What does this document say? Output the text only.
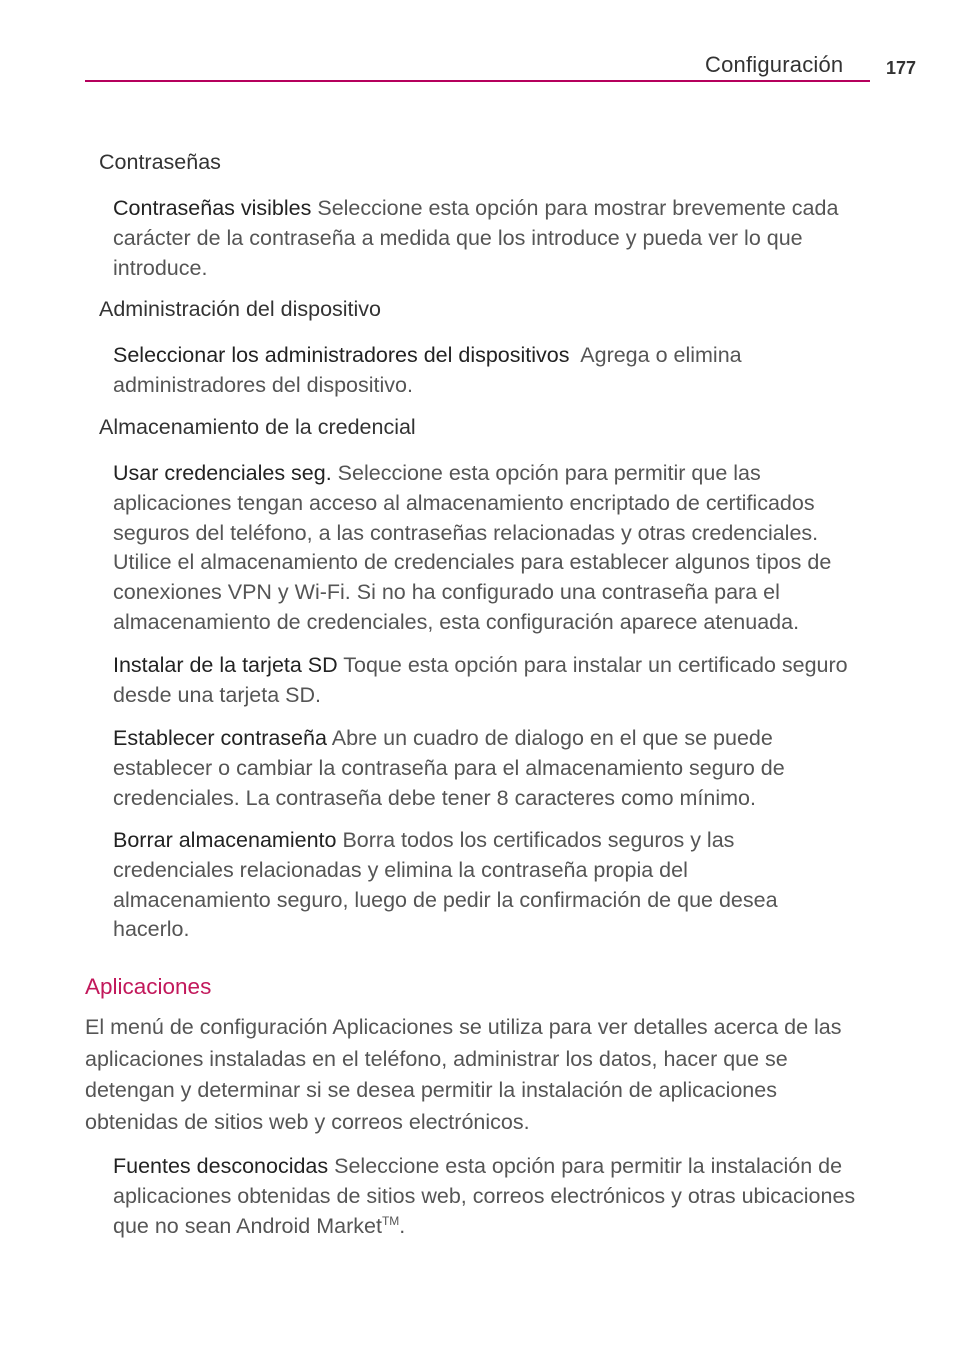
Configuración 177
Contraseñas
Contraseñas visibles Seleccione esta opción para mostrar brevemente cada carácter de la contraseña a medida que los introduce y pueda ver lo que introduce.
Administración del dispositivo
Seleccionar los administradores del dispositivos Agrega o elimina administradores del dispositivo.
Almacenamiento de la credencial
Usar credenciales seg. Seleccione esta opción para permitir que las aplicaciones tengan acceso al almacenamiento encriptado de certificados seguros del teléfono, a las contraseñas relacionadas y otras credenciales. Utilice el almacenamiento de credenciales para establecer algunos tipos de conexiones VPN y Wi-Fi. Si no ha configurado una contraseña para el almacenamiento de credenciales, esta configuración aparece atenuada.
Instalar de la tarjeta SD Toque esta opción para instalar un certificado seguro desde una tarjeta SD.
Establecer contraseña Abre un cuadro de dialogo en el que se puede establecer o cambiar la contraseña para el almacenamiento seguro de credenciales. La contraseña debe tener 8 caracteres como mínimo.
Borrar almacenamiento Borra todos los certificados seguros y las credenciales relacionadas y elimina la contraseña propia del almacenamiento seguro, luego de pedir la confirmación de que desea hacerlo.
Aplicaciones
El menú de configuración Aplicaciones se utiliza para ver detalles acerca de las aplicaciones instaladas en el teléfono, administrar los datos, hacer que se detengan y determinar si se desea permitir la instalación de aplicaciones obtenidas de sitios web y correos electrónicos.
Fuentes desconocidas Seleccione esta opción para permitir la instalación de aplicaciones obtenidas de sitios web, correos electrónicos y otras ubicaciones que no sean Android Market™.
